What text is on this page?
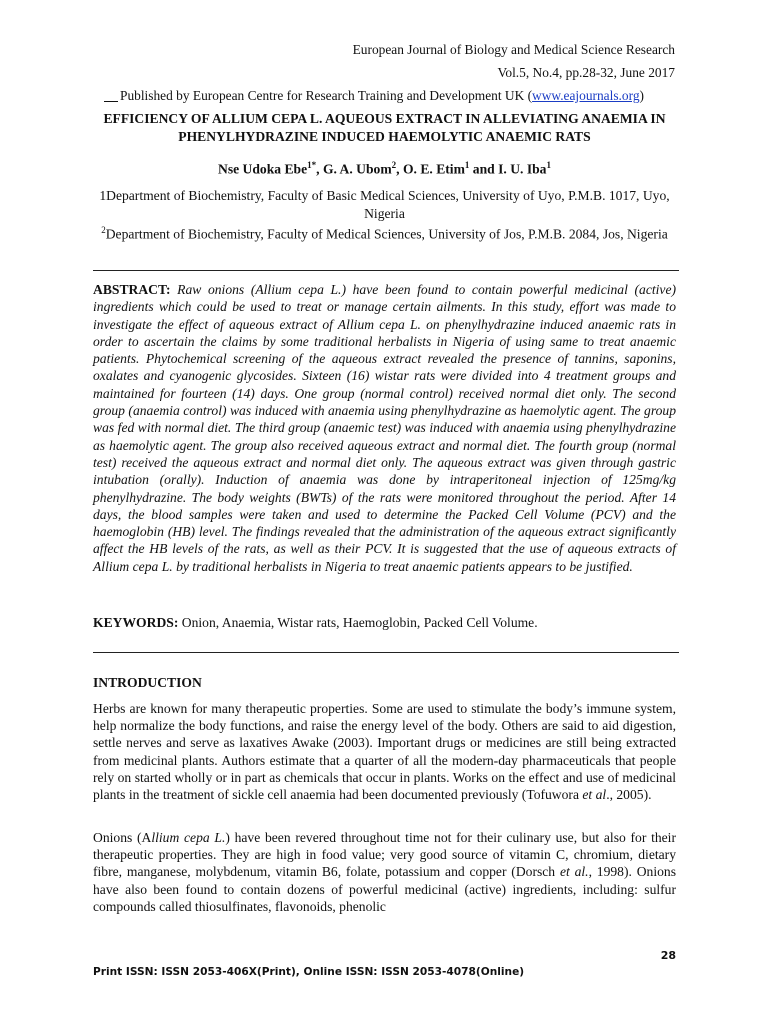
European Journal of Biology and Medical Science Research
Vol.5, No.4, pp.28-32, June 2017
Published by European Centre for Research Training and Development UK (www.eajournals.org)
EFFICIENCY OF ALLIUM CEPA L. AQUEOUS EXTRACT IN ALLEVIATING ANAEMIA IN PHENYLHYDRAZINE INDUCED HAEMOLYTIC ANAEMIC RATS
Nse Udoka Ebe$^{1*}$, G. A. Ubom$^2$, O. E. Etim$^1$ and I. U. Iba$^1$
1Department of Biochemistry, Faculty of Basic Medical Sciences, University of Uyo, P.M.B. 1017, Uyo, Nigeria
$^2$Department of Biochemistry, Faculty of Medical Sciences, University of Jos, P.M.B. 2084, Jos, Nigeria
ABSTRACT: Raw onions (Allium cepa L.) have been found to contain powerful medicinal (active) ingredients which could be used to treat or manage certain ailments. In this study, effort was made to investigate the effect of aqueous extract of Allium cepa L. on phenylhydrazine induced anaemic rats in order to ascertain the claims by some traditional herbalists in Nigeria of using same to treat anaemic patients. Phytochemical screening of the aqueous extract revealed the presence of tannins, saponins, oxalates and cyanogenic glycosides. Sixteen (16) wistar rats were divided into 4 treatment groups and maintained for fourteen (14) days. One group (normal control) received normal diet only. The second group (anaemia control) was induced with anaemia using phenylhydrazine as haemolytic agent. The group was fed with normal diet. The third group (anaemic test) was induced with anaemia using phenylhydrazine as haemolytic agent. The group also received aqueous extract and normal diet. The fourth group (normal test) received the aqueous extract and normal diet only. The aqueous extract was given through gastric intubation (orally). Induction of anaemia was done by intraperitoneal injection of 125mg/kg phenylhydrazine. The body weights (BWTs) of the rats were monitored throughout the period. After 14 days, the blood samples were taken and used to determine the Packed Cell Volume (PCV) and the haemoglobin (HB) level. The findings revealed that the administration of the aqueous extract significantly affect the HB levels of the rats, as well as their PCV. It is suggested that the use of aqueous extracts of Allium cepa L. by traditional herbalists in Nigeria to treat anaemic patients appears to be justified.
KEYWORDS: Onion, Anaemia, Wistar rats, Haemoglobin, Packed Cell Volume.
INTRODUCTION
Herbs are known for many therapeutic properties. Some are used to stimulate the body’s immune system, help normalize the body functions, and raise the energy level of the body. Others are said to aid digestion, settle nerves and serve as laxatives Awake (2003). Important drugs or medicines are still being extracted from medicinal plants. Authors estimate that a quarter of all the modern-day pharmaceuticals that people rely on started wholly or in part as chemicals that occur in plants. Works on the effect and use of medicinal plants in the treatment of sickle cell anaemia had been documented previously (Tofuwora et al., 2005).
Onions (Allium cepa L.) have been revered throughout time not for their culinary use, but also for their therapeutic properties. They are high in food value; very good source of vitamin C, chromium, dietary fibre, manganese, molybdenum, vitamin B6, folate, potassium and copper (Dorsch et al., 1998). Onions have also been found to contain dozens of powerful medicinal (active) ingredients, including: sulfur compounds called thiosulfinates, flavonoids, phenolic
28
Print ISSN: ISSN 2053-406X(Print), Online ISSN: ISSN 2053-4078(Online)
